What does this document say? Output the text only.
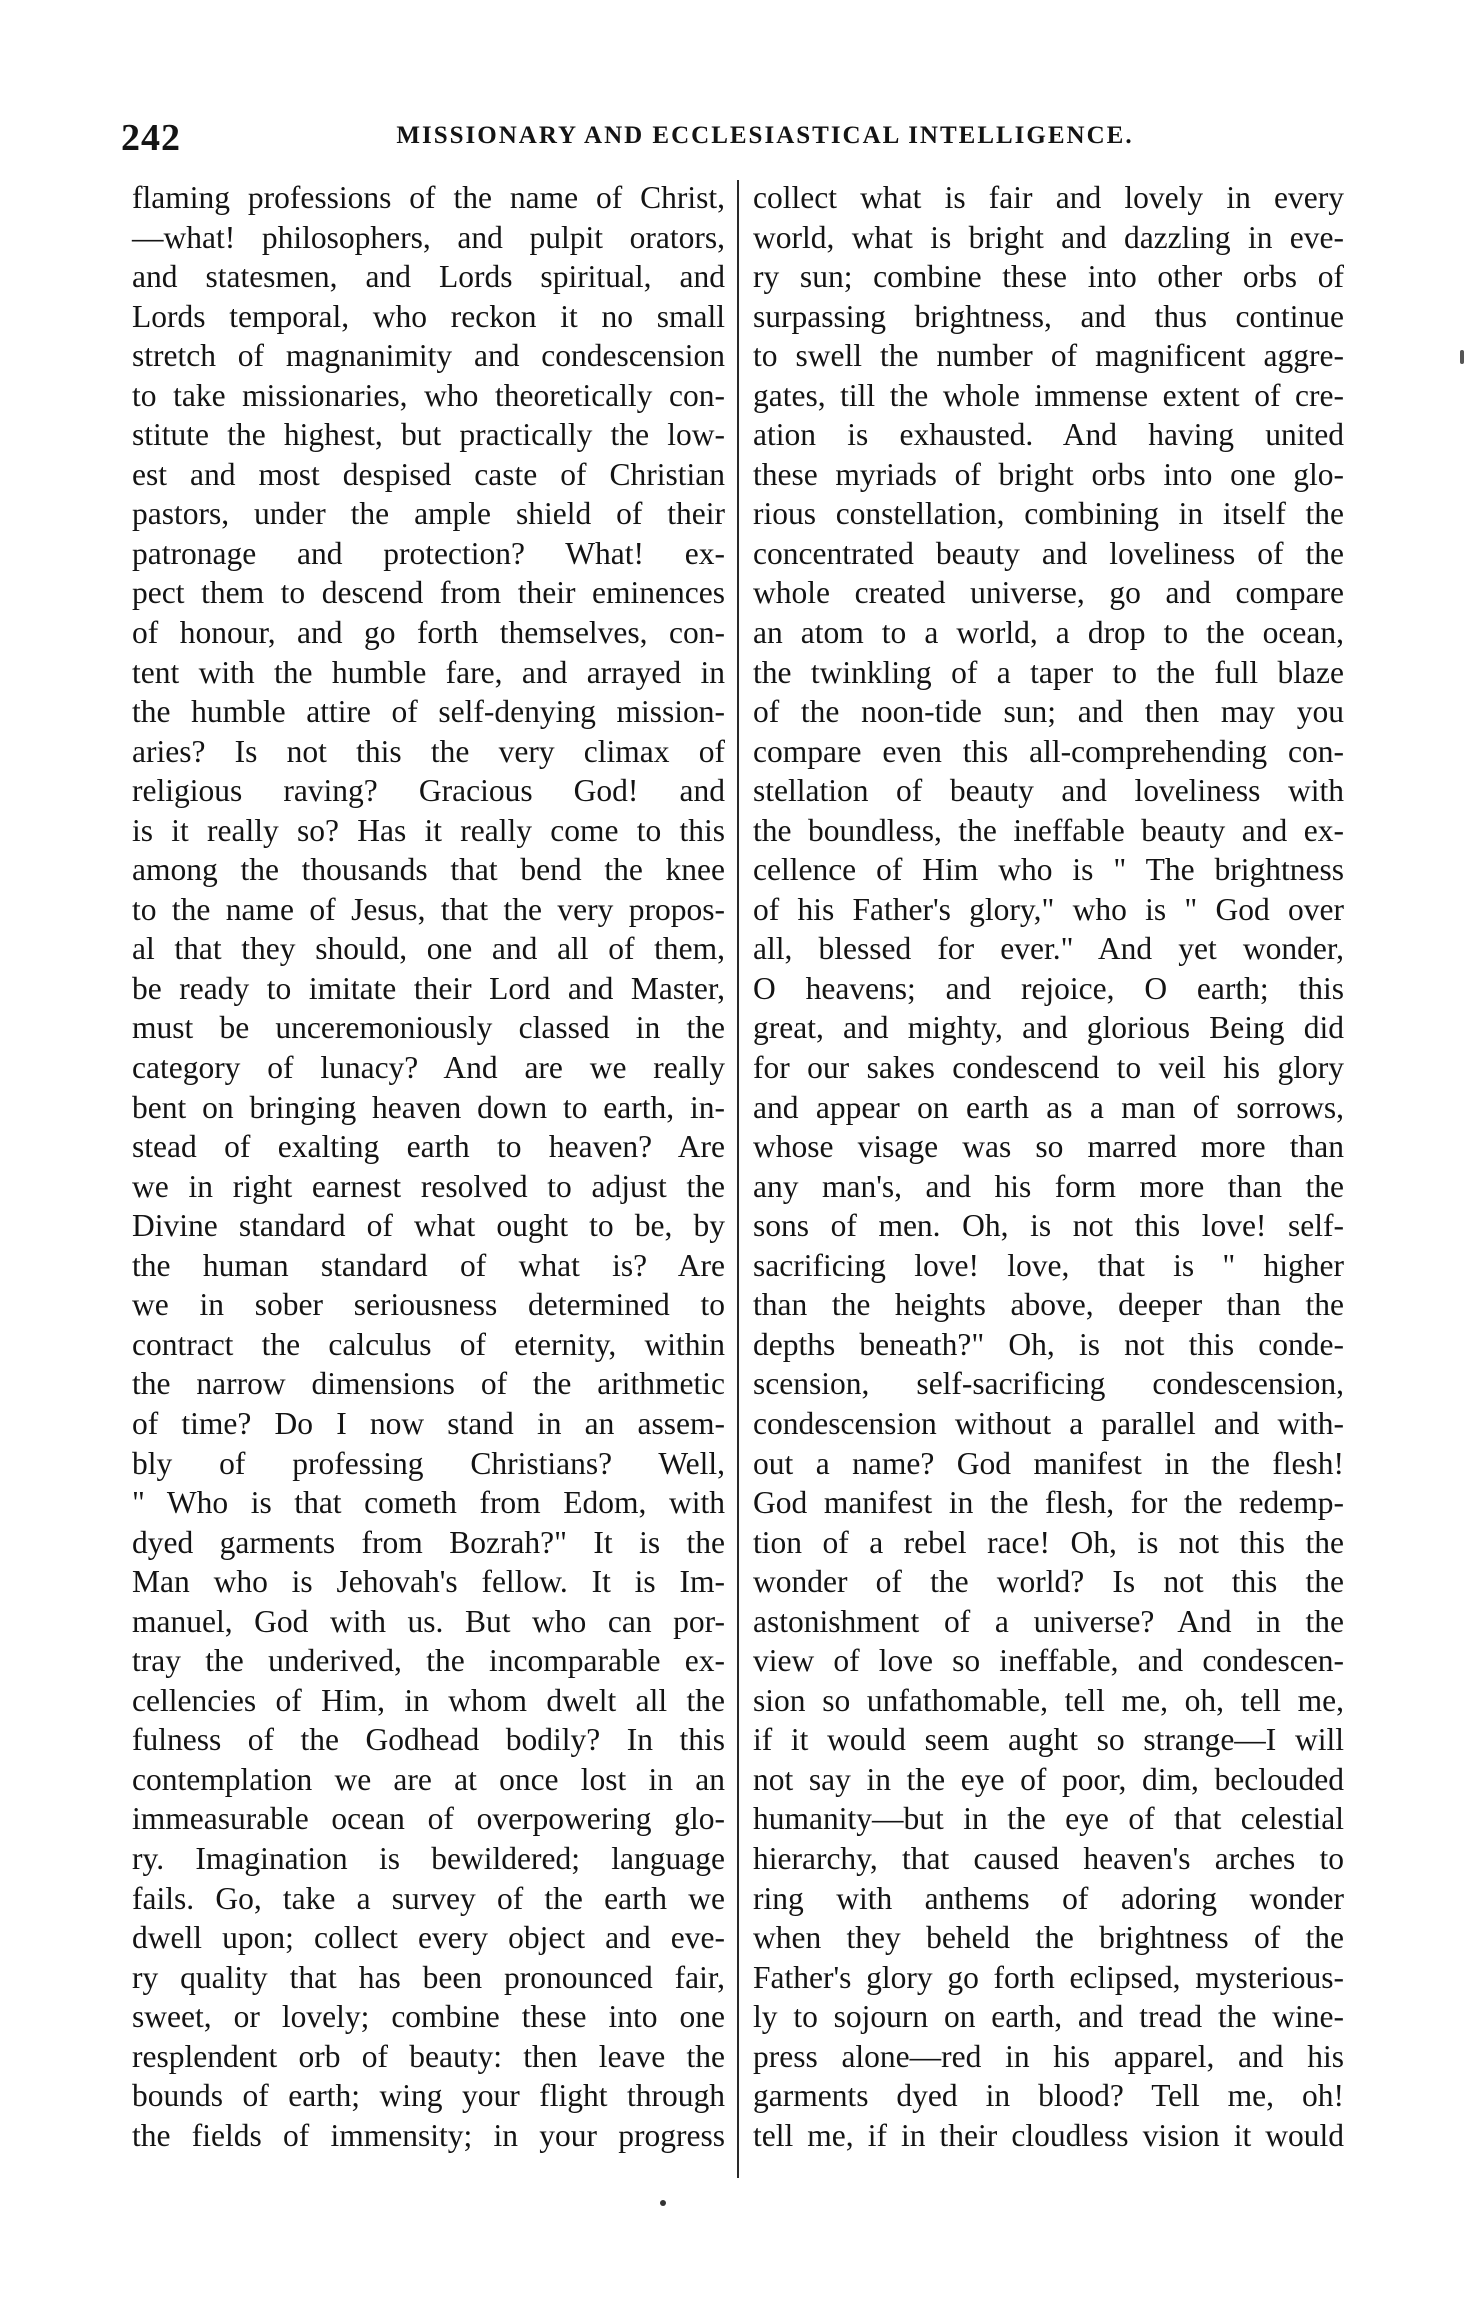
242	MISSIONARY AND ECCLESIASTICAL INTELLIGENCE.
flaming professions of the name of Christ,
—what! philosophers, and pulpit orators,
and statesmen, and Lords spiritual, and
Lords temporal, who reckon it no small
stretch of magnanimity and condescension
to take missionaries, who theoretically con-
stitute the highest, but practically the low-
est and most despised caste of Christian
pastors, under the ample shield of their
patronage and protection? What! ex-
pect them to descend from their eminences
of honour, and go forth themselves, con-
tent with the humble fare, and arrayed in
the humble attire of self-denying mission-
aries? Is not this the very climax of
religious raving? Gracious God! and
is it really so? Has it really come to this
among the thousands that bend the knee
to the name of Jesus, that the very propos-
al that they should, one and all of them,
be ready to imitate their Lord and Master,
must be unceremoniously classed in the
category of lunacy? And are we really
bent on bringing heaven down to earth, in-
stead of exalting earth to heaven? Are
we in right earnest resolved to adjust the
Divine standard of what ought to be, by
the human standard of what is? Are
we in sober seriousness determined to
contract the calculus of eternity, within
the narrow dimensions of the arithmetic
of time? Do I now stand in an assem-
bly of professing Christians? Well,
" Who is that cometh from Edom, with
dyed garments from Bozrah?" It is the
Man who is Jehovah's fellow. It is Im-
manuel, God with us. But who can por-
tray the underived, the incomparable ex-
cellencies of Him, in whom dwelt all the
fulness of the Godhead bodily? In this
contemplation we are at once lost in an
immeasurable ocean of overpowering glo-
ry. Imagination is bewildered; language
fails. Go, take a survey of the earth we
dwell upon; collect every object and eve-
ry quality that has been pronounced fair,
sweet, or lovely; combine these into one
resplendent orb of beauty: then leave the
bounds of earth; wing your flight through
the fields of immensity; in your progress
collect what is fair and lovely in every
world, what is bright and dazzling in eve-
ry sun; combine these into other orbs of
surpassing brightness, and thus continue
to swell the number of magnificent aggre-
gates, till the whole immense extent of cre-
ation is exhausted. And having united
these myriads of bright orbs into one glo-
rious constellation, combining in itself the
concentrated beauty and loveliness of the
whole created universe, go and compare
an atom to a world, a drop to the ocean,
the twinkling of a taper to the full blaze
of the noon-tide sun; and then may you
compare even this all-comprehending con-
stellation of beauty and loveliness with
the boundless, the ineffable beauty and ex-
cellence of Him who is " The brightness
of his Father's glory," who is " God over
all, blessed for ever." And yet wonder,
O heavens; and rejoice, O earth; this
great, and mighty, and glorious Being did
for our sakes condescend to veil his glory
and appear on earth as a man of sorrows,
whose visage was so marred more than
any man's, and his form more than the
sons of men. Oh, is not this love! self-
sacrificing love! love, that is " higher
than the heights above, deeper than the
depths beneath?" Oh, is not this conde-
scension, self-sacrificing condescension,
condescension without a parallel and with-
out a name? God manifest in the flesh!
God manifest in the flesh, for the redemp-
tion of a rebel race! Oh, is not this the
wonder of the world? Is not this the
astonishment of a universe? And in the
view of love so ineffable, and condescen-
sion so unfathomable, tell me, oh, tell me,
if it would seem aught so strange—I will
not say in the eye of poor, dim, beclouded
humanity—but in the eye of that celestial
hierarchy, that caused heaven's arches to
ring with anthems of adoring wonder
when they beheld the brightness of the
Father's glory go forth eclipsed, mysterious-
ly to sojourn on earth, and tread the wine-
press alone—red in his apparel, and his
garments dyed in blood? Tell me, oh!
tell me, if in their cloudless vision it would
